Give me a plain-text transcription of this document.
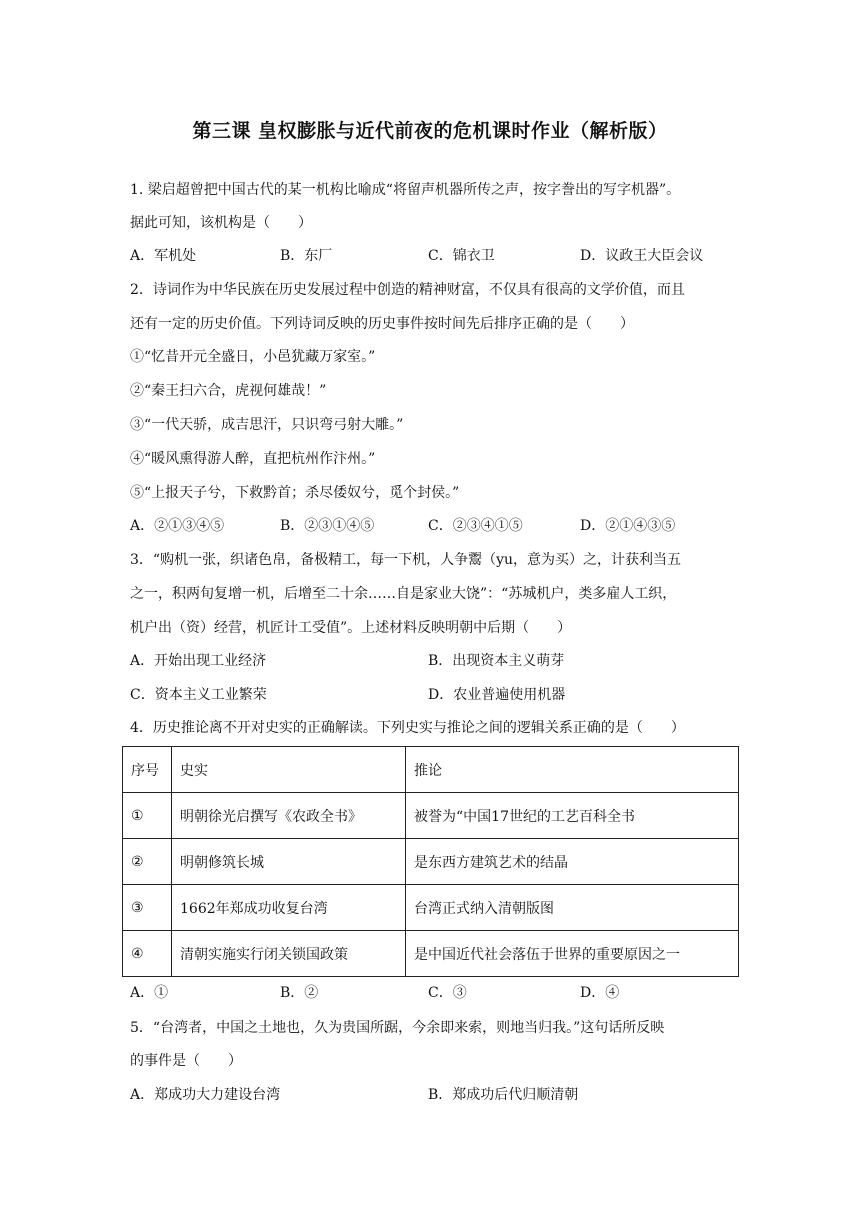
第三课 皇权膨胀与近代前夜的危机课时作业（解析版）
1. 梁启超曾把中国古代的某一机构比喻成“将留声机器所传之声，按字誊出的写字机器”。
据此可知，该机构是（　　）
A．军机处	B．东厂	C．锦衣卫	D．议政王大臣会议
2．诗词作为中华民族在历史发展过程中创造的精神财富，不仅具有很高的文学价值，而且
还有一定的历史价值。下列诗词反映的历史事件按时间先后排序正确的是（　　）
①“忆昔开元全盛日，小邑犹藏万家室。”
②“秦王扫六合，虎视何雄哉！”
③“一代天骄，成吉思汗，只识弯弓射大雕。”
④“暖风熏得游人醉，直把杭州作汴州。”
⑤“上报天子兮，下救黔首；杀尽倭奴兮，觅个封侯。”
A．②①③④⑤	B．②③①④⑤	C．②③④①⑤	D．②①④③⑤
3．“购机一张，织诸色帛，备极精工，每一下机，人争鬻（yu，意为买）之，计获利当五
之一，积两旬复增一机，后增至二十余……自是家业大饶”：“苏城机户，类多雇人工织，
机户出（资）经营，机匠计工受值”。上述材料反映明朝中后期（　　）
A．开始出现工业经济	B．出现资本主义萌芽
C．资本主义工业繁荣	D．农业普遍使用机器
4．历史推论离不开对史实的正确解读。下列史实与推论之间的逻辑关系正确的是（　　）
序号	史实	推论
①	明朝徐光启撰写《农政全书》	被誉为“中国17世纪的工艺百科全书
②	明朝修筑长城	是东西方建筑艺术的结晶
③	1662年郑成功收复台湾	台湾正式纳入清朝版图
④	清朝实施实行闭关锁国政策	是中国近代社会落伍于世界的重要原因之一
A．①	B．②	C．③	D．④
5．“台湾者，中国之土地也，久为贵国所踞，今余即来索，则地当归我。”这句话所反映
的事件是（　　）
A．郑成功大力建设台湾	B．郑成功后代归顺清朝
